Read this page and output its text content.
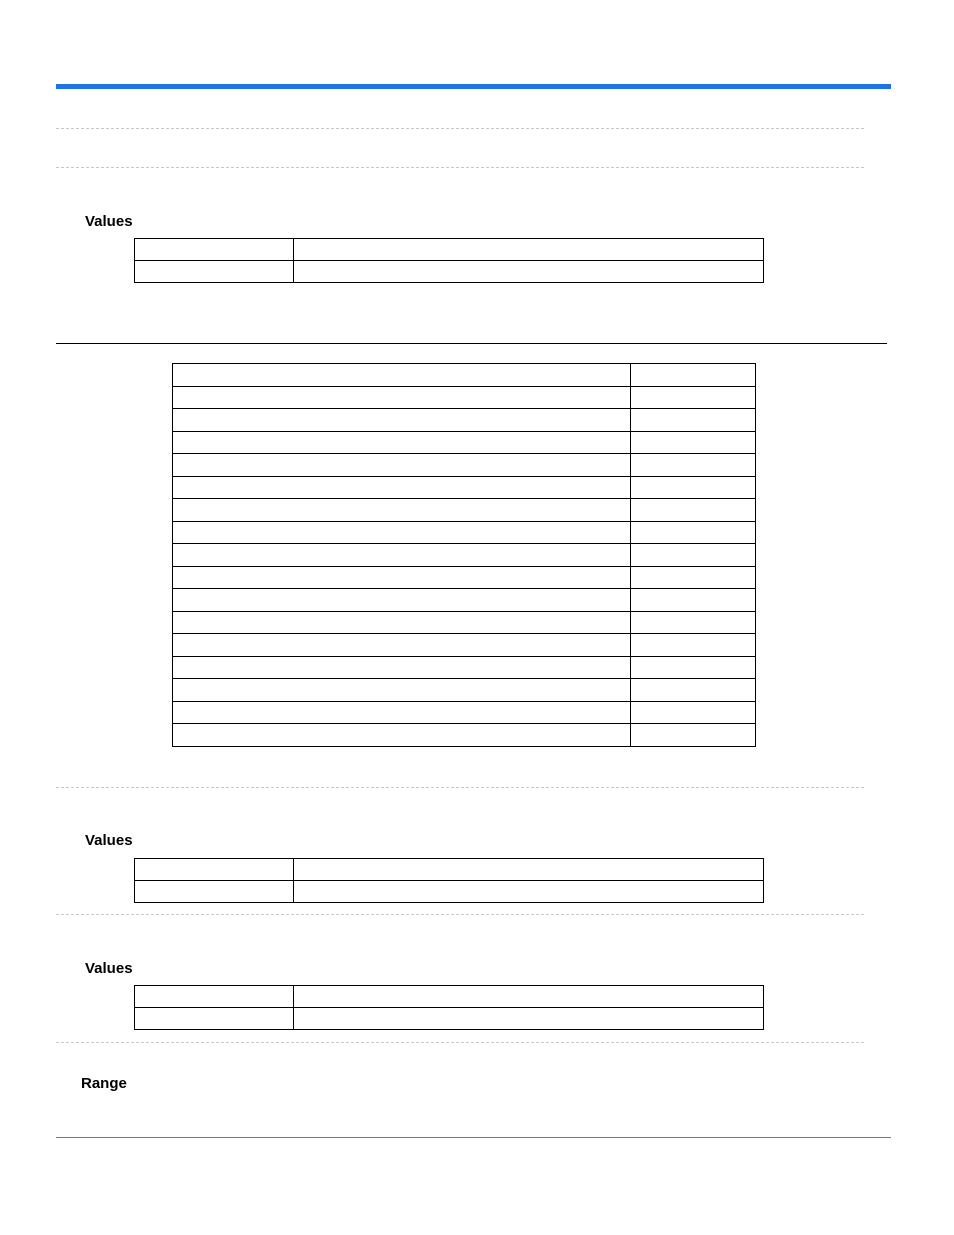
Values

Values

Values

Range
